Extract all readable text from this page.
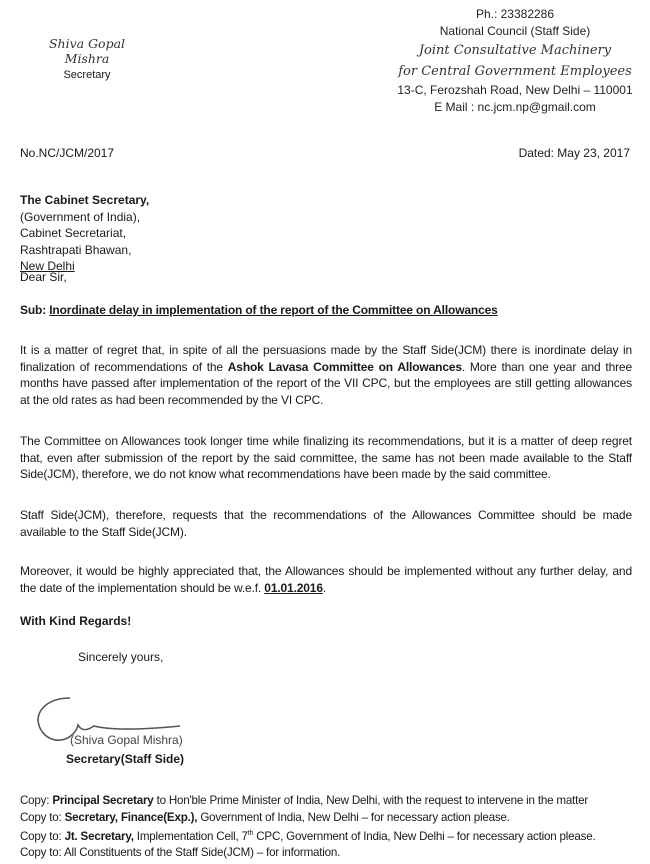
Shiva Gopal Mishra
Secretary
Ph.: 23382286
National Council (Staff Side)
Joint Consultative Machinery
for Central Government Employees
13-C, Ferozshah Road, New Delhi – 110001
E Mail : nc.jcm.np@gmail.com
No.NC/JCM/2017	Dated: May 23, 2017
The Cabinet Secretary,
(Government of India),
Cabinet Secretariat,
Rashtrapati Bhawan,
New Delhi
Dear Sir,
Sub: Inordinate delay in implementation of the report of the Committee on Allowances
It is a matter of regret that, in spite of all the persuasions made by the Staff Side(JCM) there is inordinate delay in finalization of recommendations of the Ashok Lavasa Committee on Allowances. More than one year and three months have passed after implementation of the report of the VII CPC, but the employees are still getting allowances at the old rates as had been recommended by the VI CPC.
The Committee on Allowances took longer time while finalizing its recommendations, but it is a matter of deep regret that, even after submission of the report by the said committee, the same has not been made available to the Staff Side(JCM), therefore, we do not know what recommendations have been made by the said committee.
Staff Side(JCM), therefore, requests that the recommendations of the Allowances Committee should be made available to the Staff Side(JCM).
Moreover, it would be highly appreciated that, the Allowances should be implemented without any further delay, and the date of the implementation should be w.e.f. 01.01.2016.
With Kind Regards!
Sincerely yours,
(Shiva Gopal Mishra)
Secretary(Staff Side)
Copy: Principal Secretary to Hon'ble Prime Minister of India, New Delhi, with the request to intervene in the matter
Copy to: Secretary, Finance(Exp.), Government of India, New Delhi – for necessary action please.
Copy to: Jt. Secretary, Implementation Cell, 7th CPC, Government of India, New Delhi – for necessary action please.
Copy to: All Constituents of the Staff Side(JCM) – for information.
